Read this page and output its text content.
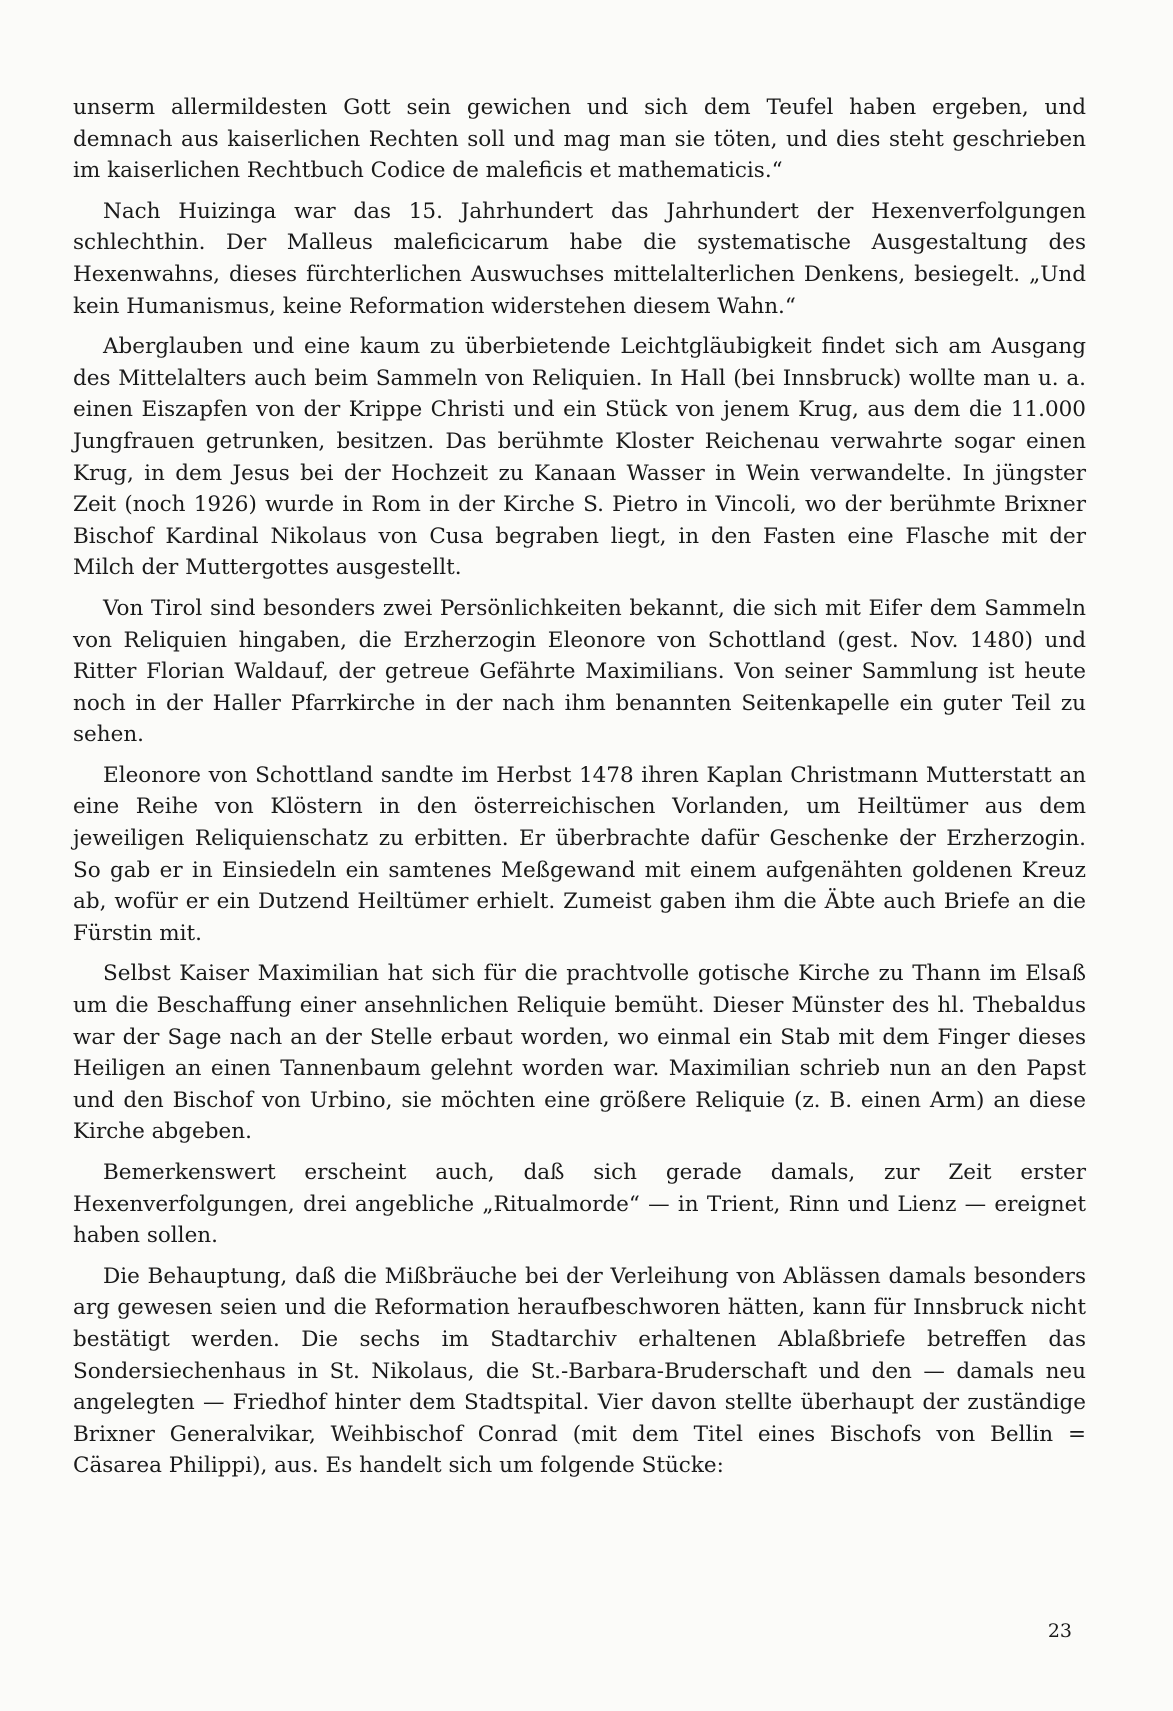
unserm allermildesten Gott sein gewichen und sich dem Teufel haben ergeben, und demnach aus kaiserlichen Rechten soll und mag man sie töten, und dies steht geschrieben im kaiserlichen Rechtbuch Codice de maleficis et mathematicis.“

Nach Huizinga war das 15. Jahrhundert das Jahrhundert der Hexenverfolgungen schlechthin. Der Malleus maleficicarum habe die systematische Ausgestaltung des Hexenwahns, dieses fürchterlichen Auswuchses mittelalterlichen Denkens, besiegelt. „Und kein Humanismus, keine Reformation widerstehen diesem Wahn.“

Aberglauben und eine kaum zu überbietende Leichtgläubigkeit findet sich am Ausgang des Mittelalters auch beim Sammeln von Reliquien. In Hall (bei Innsbruck) wollte man u. a. einen Eiszapfen von der Krippe Christi und ein Stück von jenem Krug, aus dem die 11.000 Jungfrauen getrunken, besitzen. Das berühmte Kloster Reichenau verwahrte sogar einen Krug, in dem Jesus bei der Hochzeit zu Kanaan Wasser in Wein verwandelte. In jüngster Zeit (noch 1926) wurde in Rom in der Kirche S. Pietro in Vincoli, wo der berühmte Brixner Bischof Kardinal Nikolaus von Cusa begraben liegt, in den Fasten eine Flasche mit der Milch der Muttergottes ausgestellt.

Von Tirol sind besonders zwei Persönlichkeiten bekannt, die sich mit Eifer dem Sammeln von Reliquien hingaben, die Erzherzogin Eleonore von Schottland (gest. Nov. 1480) und Ritter Florian Waldauf, der getreue Gefährte Maximilians. Von seiner Sammlung ist heute noch in der Haller Pfarrkirche in der nach ihm benannten Seitenkapelle ein guter Teil zu sehen.

Eleonore von Schottland sandte im Herbst 1478 ihren Kaplan Christmann Mutterstatt an eine Reihe von Klöstern in den österreichischen Vorlanden, um Heiltümer aus dem jeweiligen Reliquienschatz zu erbitten. Er überbrachte dafür Geschenke der Erzherzogin. So gab er in Einsiedeln ein samtenes Meßgewand mit einem aufgenähten goldenen Kreuz ab, wofür er ein Dutzend Heiltümer erhielt. Zumeist gaben ihm die Äbte auch Briefe an die Fürstin mit.

Selbst Kaiser Maximilian hat sich für die prachtvolle gotische Kirche zu Thann im Elsaß um die Beschaffung einer ansehnlichen Reliquie bemüht. Dieser Münster des hl. Thebaldus war der Sage nach an der Stelle erbaut worden, wo einmal ein Stab mit dem Finger dieses Heiligen an einen Tannenbaum gelehnt worden war. Maximilian schrieb nun an den Papst und den Bischof von Urbino, sie möchten eine größere Reliquie (z. B. einen Arm) an diese Kirche abgeben.

Bemerkenswert erscheint auch, daß sich gerade damals, zur Zeit erster Hexenverfolgungen, drei angebliche „Ritualmorde“ — in Trient, Rinn und Lienz — ereignet haben sollen.

Die Behauptung, daß die Mißbräuche bei der Verleihung von Ablässen damals besonders arg gewesen seien und die Reformation heraufbeschworen hätten, kann für Innsbruck nicht bestätigt werden. Die sechs im Stadtarchiv erhaltenen Ablaßbriefe betreffen das Sondersiechenhaus in St. Nikolaus, die St.-Barbara-Bruderschaft und den — damals neu angelegten — Friedhof hinter dem Stadtspital. Vier davon stellte überhaupt der zuständige Brixner Generalvikar, Weihbischof Conrad (mit dem Titel eines Bischofs von Bellin = Cäsarea Philippi), aus. Es handelt sich um folgende Stücke:

23
